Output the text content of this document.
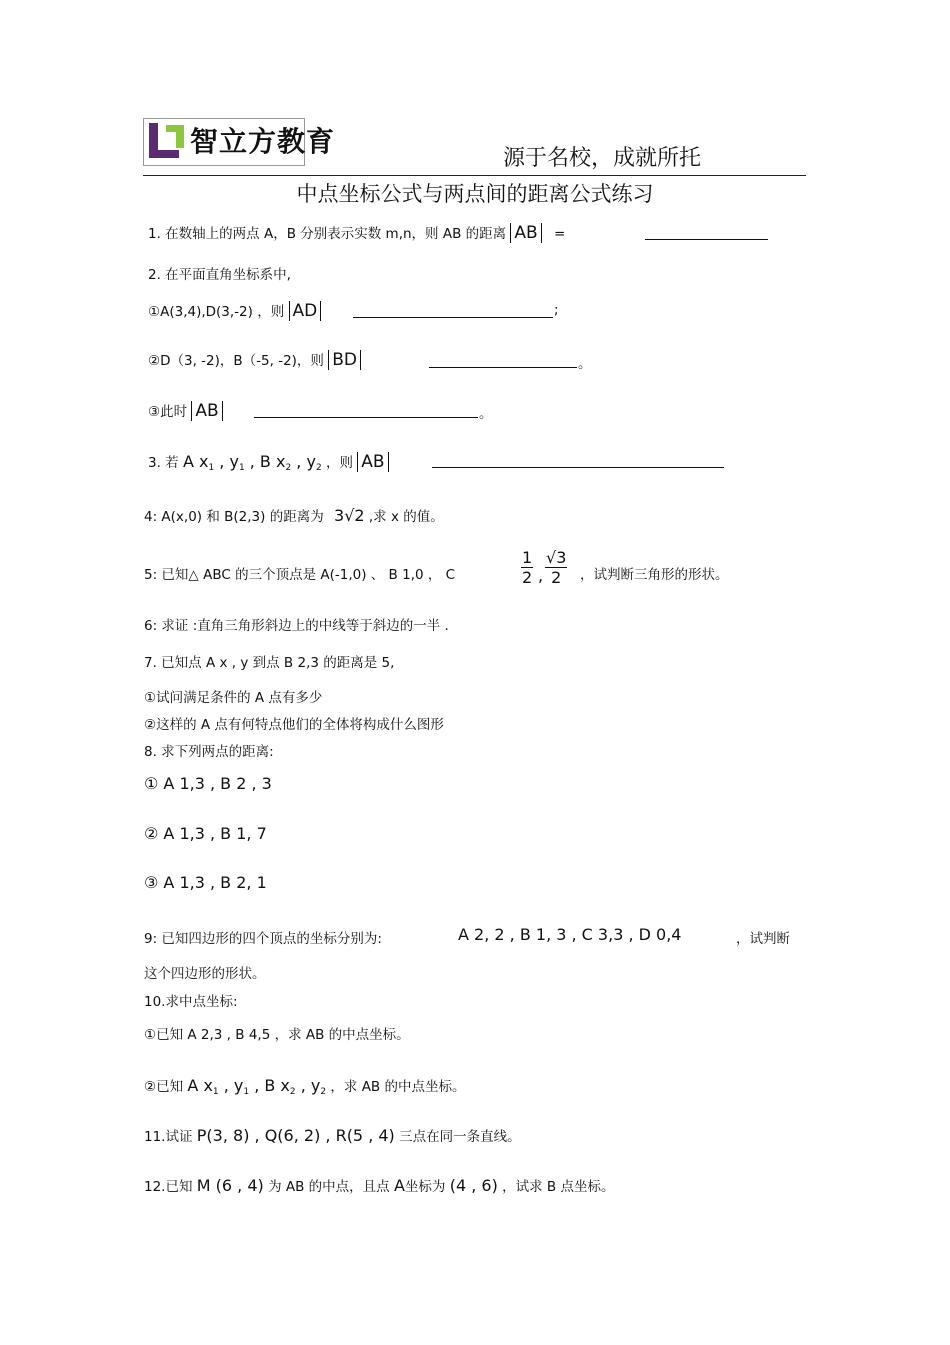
智立方教育
源于名校，成就所托
中点坐标公式与两点间的距离公式练习
1. 在数轴上的两点 A，B 分别表示实数 m,n，则 AB 的距离 AB =
2. 在平面直角坐标系中,
①A(3,4),D(3,-2) ，则 AD	;
②D（3, -2)，B（-5, -2)，则 BD	。
③此时 AB	。
3. 若 A $x_1$ , $y_1$ , B $x_2$ , $y_2$ ，则 AB
4: A(x,0) 和 B(2,3) 的距离为 3√2 ,求 x 的值。
5: 已知△ ABC 的三个顶点是 A(-1,0) 、 B 1,0 ， C	$\frac{1}{2}$ , $\frac{√3}{2}$ ，试判断三角形的形状。
6: 求证 :直角三角形斜边上的中线等于斜边的一半 .
7. 已知点 A x , y 到点 B 2,3 的距离是 5,
①试问满足条件的 A 点有多少
②这样的 A 点有何特点他们的全体将构成什么图形
8. 求下列两点的距离:
① A 1,3 , B 2 , 3
② A 1,3 , B 1, 7
③ A 1,3 , B 2, 1
9: 已知四边形的四个顶点的坐标分别为:	A 2, 2 , B 1, 3 , C 3,3 , D 0,4	，试判断
这个四边形的形状。
10.求中点坐标:
①已知 A 2,3 , B 4,5 ，求 AB 的中点坐标。
②已知 A $x_1$ , $y_1$ , B $x_2$ , $y_2$ ，求 AB 的中点坐标。
11.试证 P(3, 8) , Q(6, 2) , R(5 , 4) 三点在同一条直线。
12.已知 M (6 , 4) 为 AB 的中点，且点 A坐标为 (4 , 6) ，试求 B 点坐标。
